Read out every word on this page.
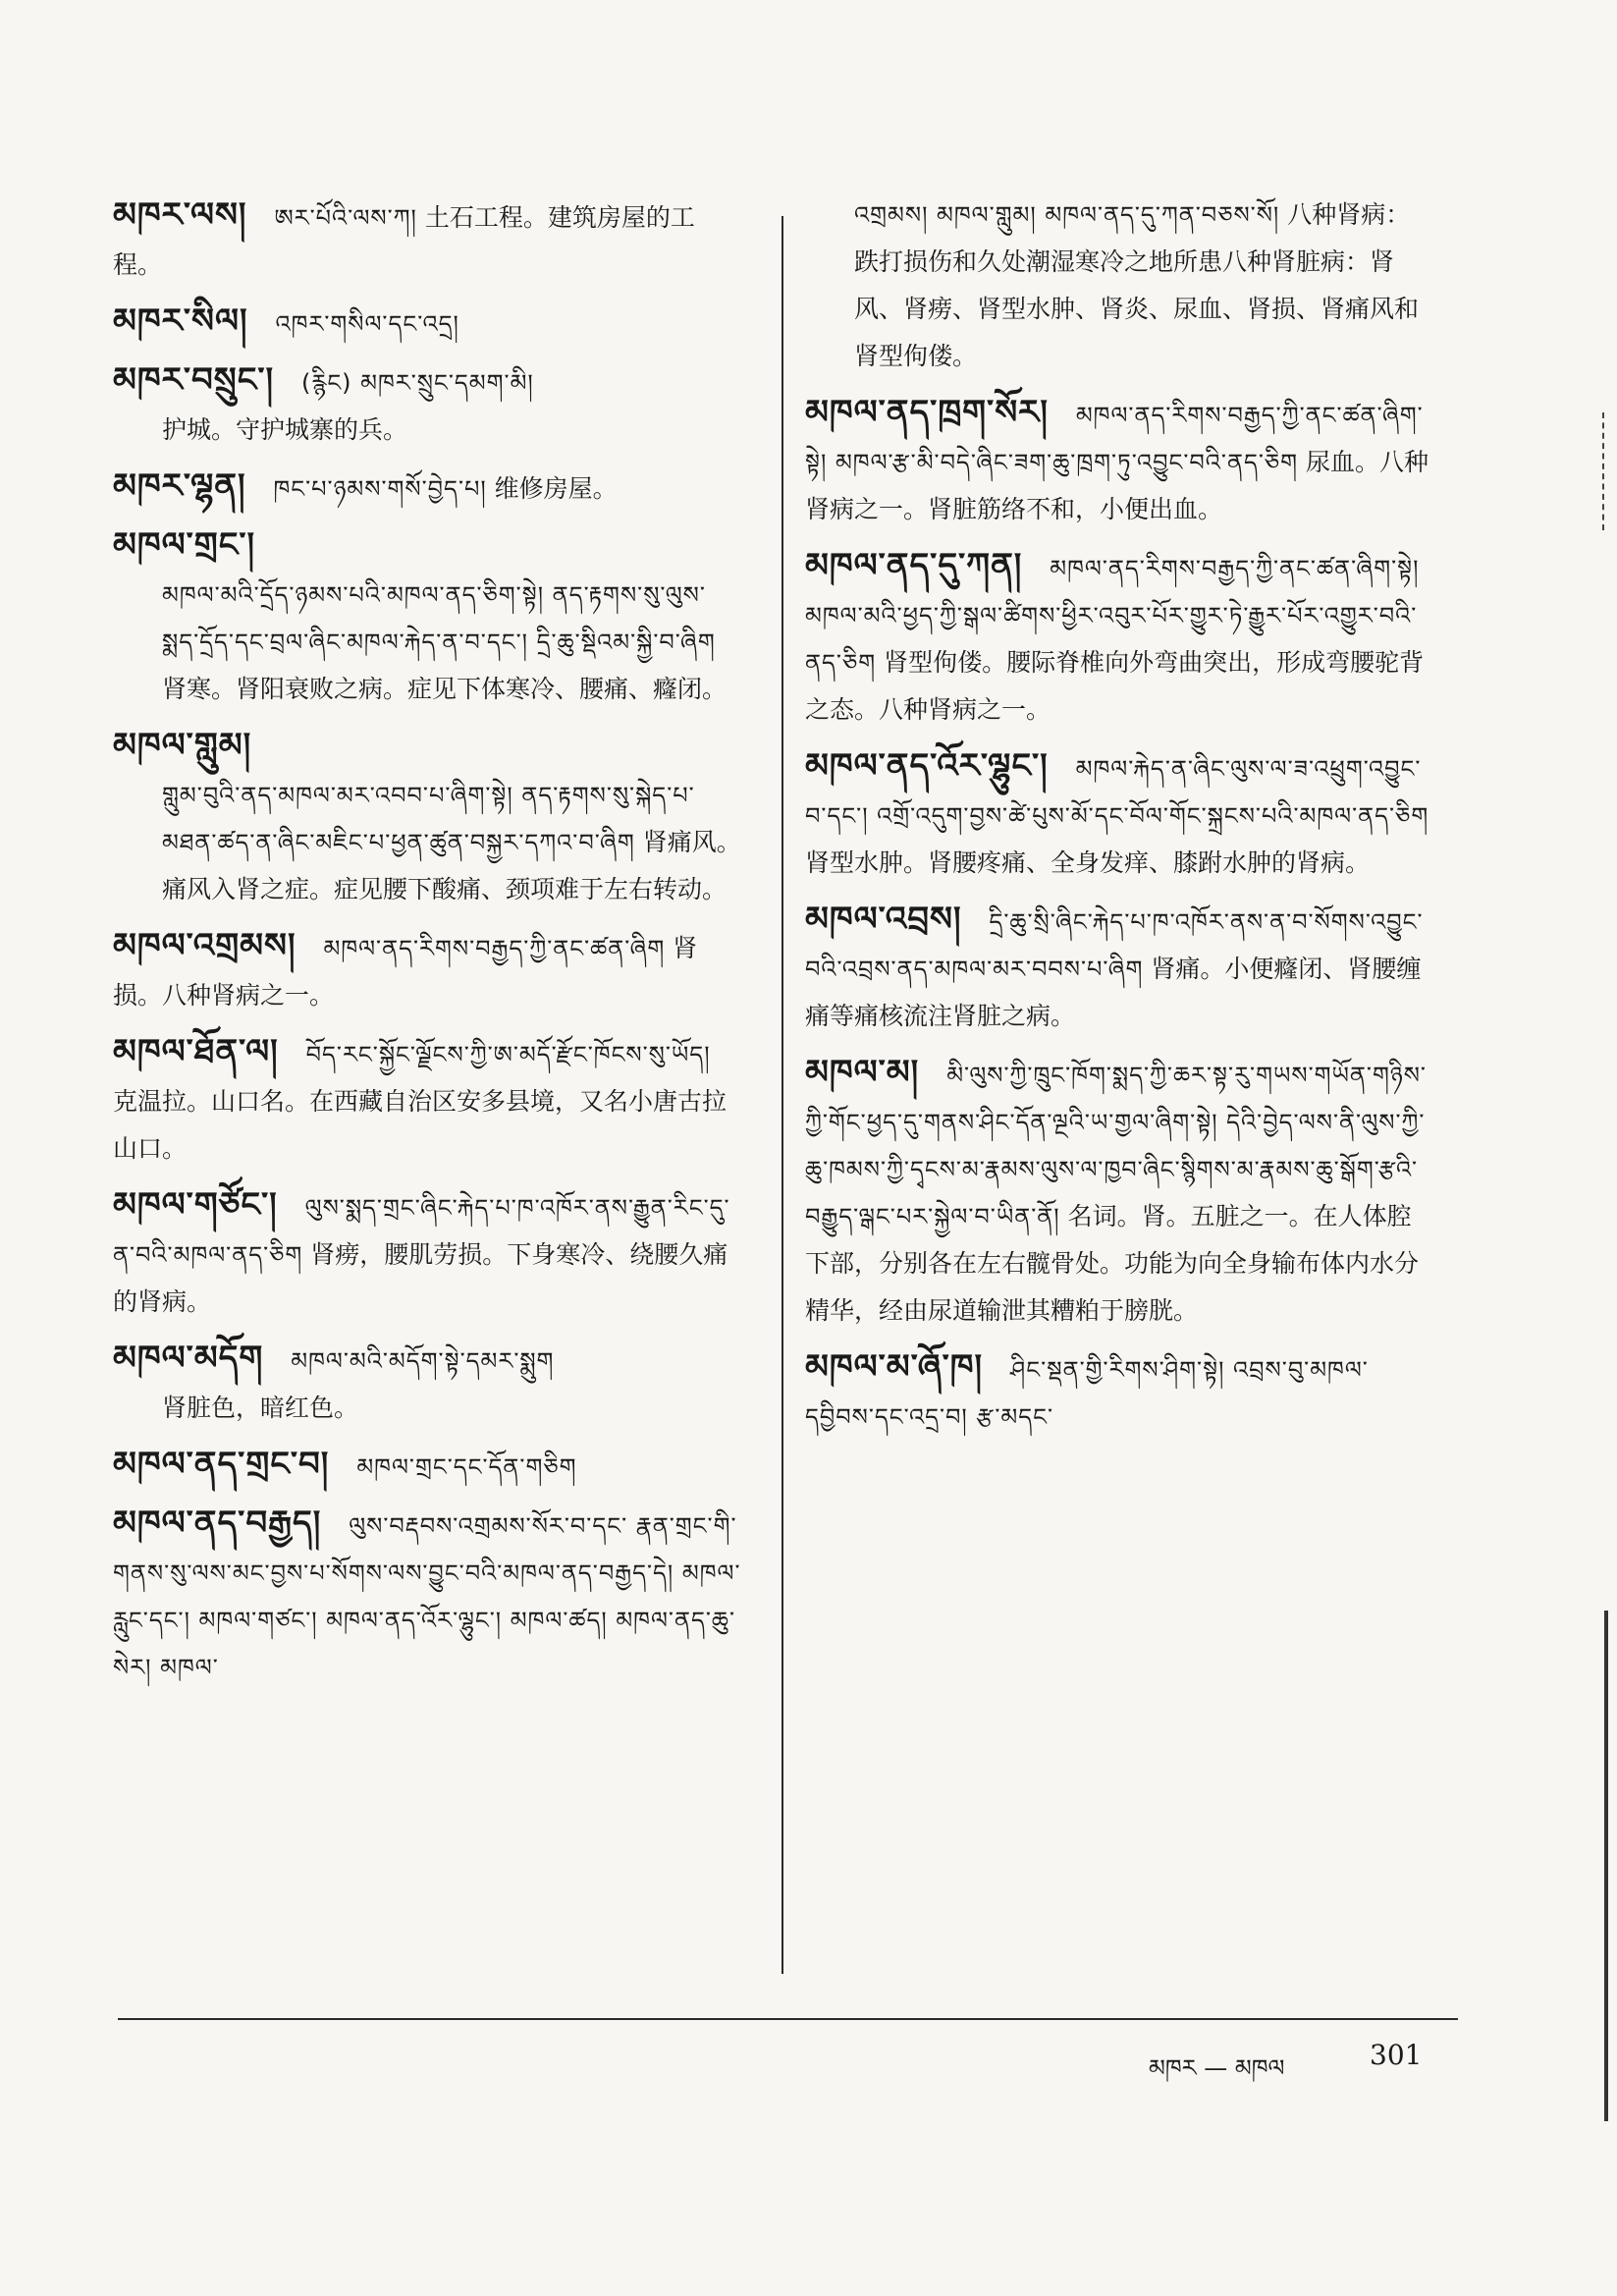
མཁར་ལས། ཨར་པོའི་ལས་ཀ། 土石工程。建筑房屋的工程。
མཁར་སིལ། འཁར་གསིལ་དང་འདྲ།
མཁར་བསྲུང་། (རྙིང) མཁར་སྲུང་དམག་མི།
护城。守护城寨的兵。
མཁར་ལྷན། ཁང་པ་ཉམས་གསོ་བྱེད་པ། 维修房屋。
མཁལ་གྲང་།
མཁལ་མའི་དྲོད་ཉམས་པའི་མཁལ་ནད་ཅིག་སྟེ། ནད་རྟགས་སུ་ལུས་སྨད་དྲོད་དང་བྲལ་ཞིང་མཁལ་རྐེད་ན་བ་དང་། དྲི་ཆུ་སྡིའམ་སྐྱི་བ་ཞིག 肾寒。肾阳衰败之病。症见下体寒冷、腰痛、癃闭。
མཁལ་གླུམ།
གླུམ་བུའི་ནད་མཁལ་མར་འབབ་པ་ཞིག་སྟེ། ནད་རྟགས་སུ་སྐེད་པ་མཐན་ཚད་ན་ཞིང་མཇིང་པ་ཕྱན་ཚུན་བསྐྱར་དཀའ་བ་ཞིག 肾痛风。痛风入肾之症。症见腰下酸痛、颈项难于左右转动。
མཁལ་འགྲམས། མཁལ་ནད་རིགས་བརྒྱད་ཀྱི་ནང་ཚན་ཞིག 肾损。八种肾病之一。
མཁལ་ཐོན་ལ། བོད་རང་སྐྱོང་ལྗོངས་ཀྱི་ཨ་མདོ་རྫོང་ཁོངས་སུ་ཡོད། 克温拉。山口名。在西藏自治区安多县境，又名小唐古拉山口。
མཁལ་གཙོང་། ལུས་སྨད་གྲང་ཞིང་རྐེད་པ་ཁ་འཁོར་ནས་རྒྱུན་རིང་དུ་ན་བའི་མཁལ་ནད་ཅིག 肾痨，腰肌劳损。下身寒冷、绕腰久痛的肾病。
མཁལ་མདོག མཁལ་མའི་མདོག་སྟེ་དམར་སྨུག
肾脏色，暗红色。
མཁལ་ནད་གྲང་བ། མཁལ་གྲང་དང་དོན་གཅིག
མཁལ་ནད་བརྒྱད། ལུས་བརྡབས་འགྲམས་སོར་བ་དང་ རྣན་གྲང་གི་གནས་སུ་ལས་མང་བྱས་པ་སོགས་ལས་བྱུང་བའི་མཁལ་ནད་བརྒྱད་དེ། མཁལ་རླུང་དང་། མཁལ་གཙང་། མཁལ་ནད་འོར་ལྷུང་། མཁལ་ཚད། མཁལ་ནད་ཆུ་སེར། མཁལ་
འགྲམས། མཁལ་གླུམ། མཁལ་ནད་དུ་ཀན་བཅས་སོ། 八种肾病：跌打损伤和久处潮湿寒冷之地所患八种肾脏病：肾风、肾痨、肾型水肿、肾炎、尿血、肾损、肾痛风和肾型佝偻。
མཁལ་ནད་ཁྲག་སོར། མཁལ་ནད་རིགས་བརྒྱད་ཀྱི་ནང་ཚན་ཞིག་སྟེ། མཁལ་རྩ་མི་བདེ་ཞིང་ཟག་ཆུ་ཁྲག་ཏུ་འབྱུང་བའི་ནད་ཅིག 尿血。八种肾病之一。肾脏筋络不和，小便出血。
མཁལ་ནད་དུ་ཀན། མཁལ་ནད་རིགས་བརྒྱད་ཀྱི་ནང་ཚན་ཞིག་སྟེ། མཁལ་མའི་ཕྱད་ཀྱི་སྒལ་ཚིགས་ཕྱིར་འབུར་པོར་གྱུར་ཏེ་རྒྱུར་པོར་འགྱུར་བའི་ནད་ཅིག 肾型佝偻。腰际脊椎向外弯曲突出，形成弯腰驼背之态。八种肾病之一。
མཁལ་ནད་འོར་ལྷུང་། མཁལ་རྐེད་ན་ཞིང་ལུས་ལ་ཟ་འཕྲུག་འབྱུང་བ་དང་། འགྲོ་འདུག་བྱས་ཚེ་པུས་མོ་དང་བོལ་གོང་སྐྲངས་པའི་མཁལ་ནད་ཅིག 肾型水肿。肾腰疼痛、全身发痒、膝跗水肿的肾病。
མཁལ་འབྲས། དྲི་ཆུ་སྲི་ཞིང་རྐེད་པ་ཁ་འཁོར་ནས་ན་བ་སོགས་འབྱུང་བའི་འབྲས་ནད་མཁལ་མར་བབས་པ་ཞིག 肾痛。小便癃闭、肾腰缠痛等痛核流注肾脏之病。
མཁལ་མ། མི་ལུས་ཀྱི་ཁྲུང་ཁོག་སྨད་ཀྱི་ཆར་སྟ་རུ་གཡས་གཡོན་གཉིས་ཀྱི་གོང་ཕྱད་དུ་གནས་ཤིང་དོན་ལྔའི་ཡ་གྱལ་ཞིག་སྟེ། དེའི་བྱེད་ལས་ནི་ལུས་ཀྱི་ཆུ་ཁམས་ཀྱི་དྭངས་མ་རྣམས་ལུས་ལ་ཁྱབ་ཞིང་སྙིགས་མ་རྣམས་ཆུ་སྒོག་རྩའི་བརྒྱུད་ལྒང་པར་སྐྱེལ་བ་ཡིན་ནོ། 名词。肾。五脏之一。在人体腔下部，分别各在左右髋骨处。功能为向全身输布体内水分精华，经由尿道输泄其糟粕于膀胱。
མཁལ་མ་ཞོ་ཁ། ཤིང་སྡན་གྱི་རིགས་ཤིག་སྟེ། འབྲས་བུ་མཁལ་དབྱིབས་དང་འདྲ་བ། རྩ་མདང་
མཁར — མཁལ	301
